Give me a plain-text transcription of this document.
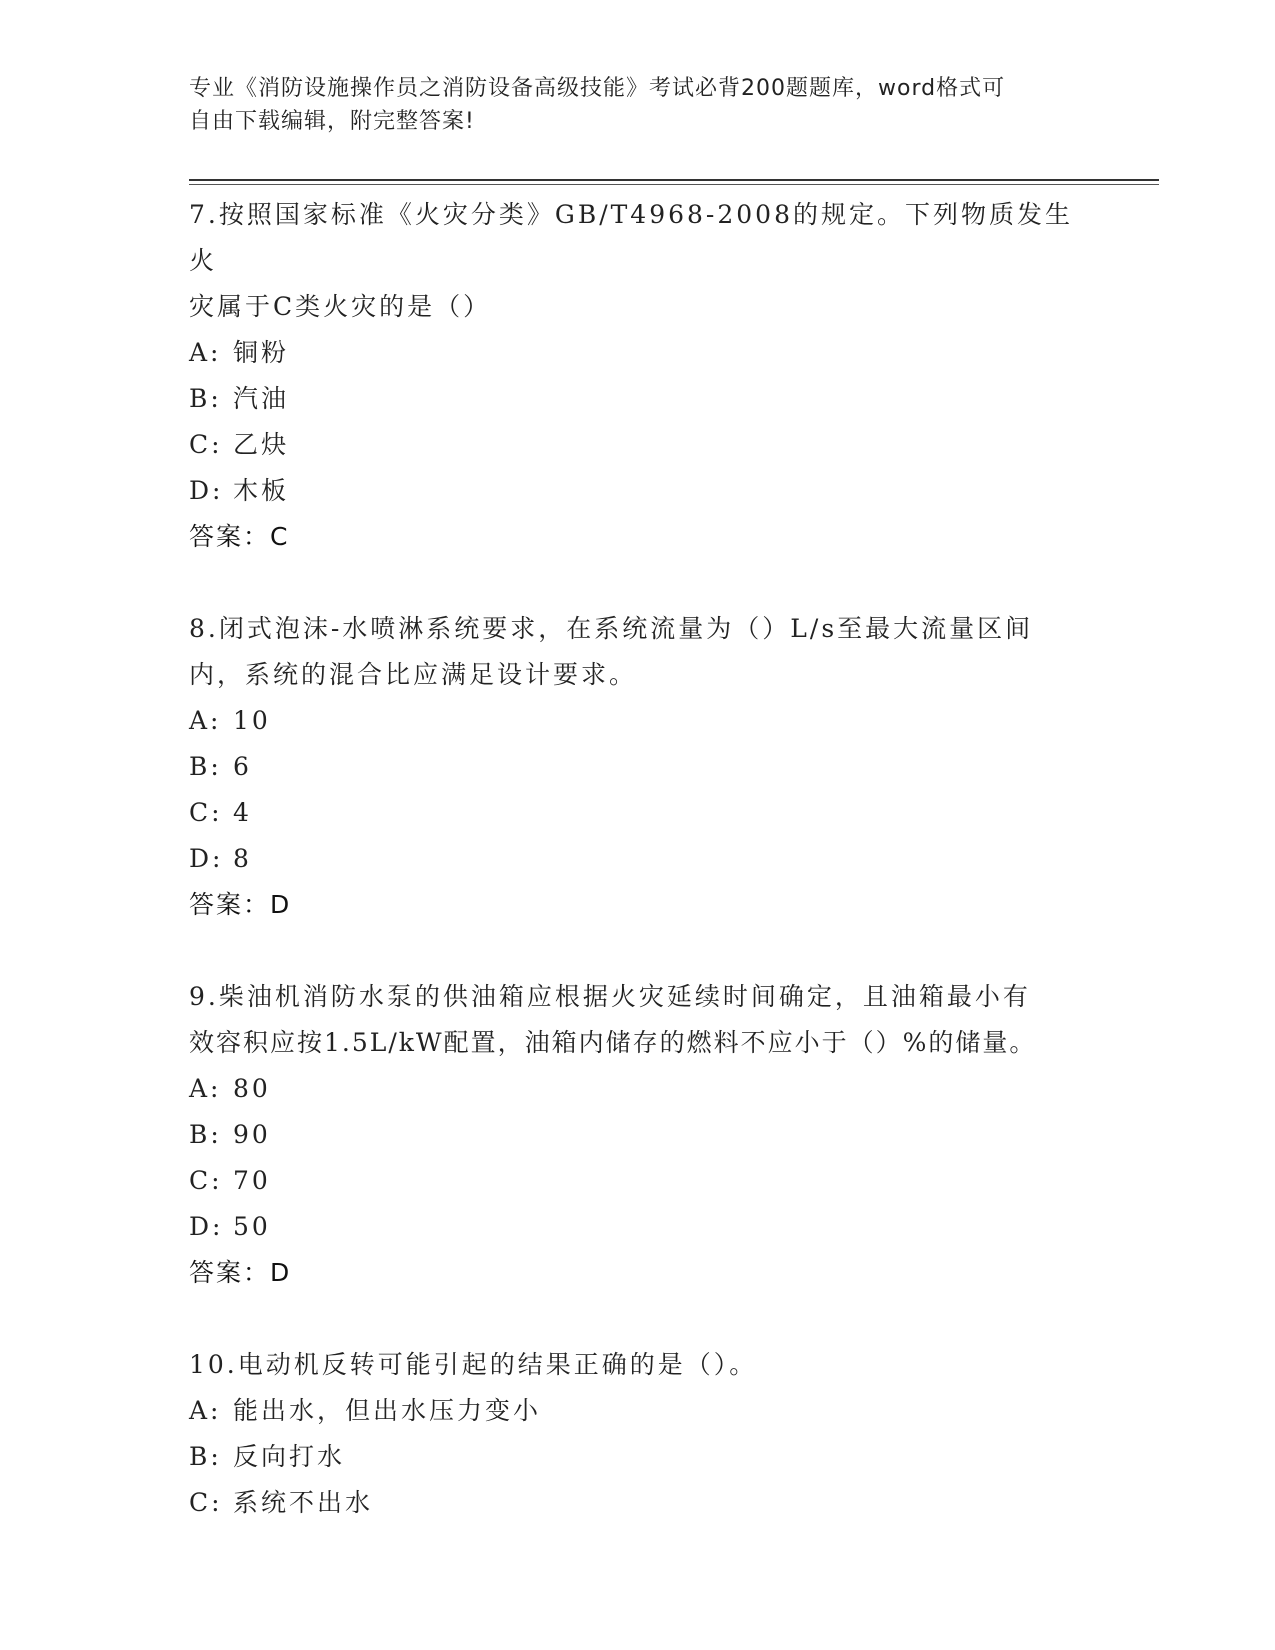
专业《消防设施操作员之消防设备高级技能》考试必背200题题库，word格式可
自由下载编辑，附完整答案!

7.按照国家标准《火灾分类》GB/T4968-2008的规定。下列物质发生火

灾属于C类火灾的是（）

A: 铜粉

B: 汽油

C: 乙炔

D: 木板

答案：C

8.闭式泡沫-水喷淋系统要求，在系统流量为（）L/s至最大流量区间

内，系统的混合比应满足设计要求。

A: 10

B: 6

C: 4

D: 8

答案：D

9.柴油机消防水泵的供油箱应根据火灾延续时间确定，且油箱最小有

效容积应按1.5L/kW配置，油箱内储存的燃料不应小于（）%的储量。

A: 80

B: 90

C: 70

D: 50

答案：D

10.电动机反转可能引起的结果正确的是（）。

A: 能出水，但出水压力变小

B: 反向打水

C: 系统不出水
